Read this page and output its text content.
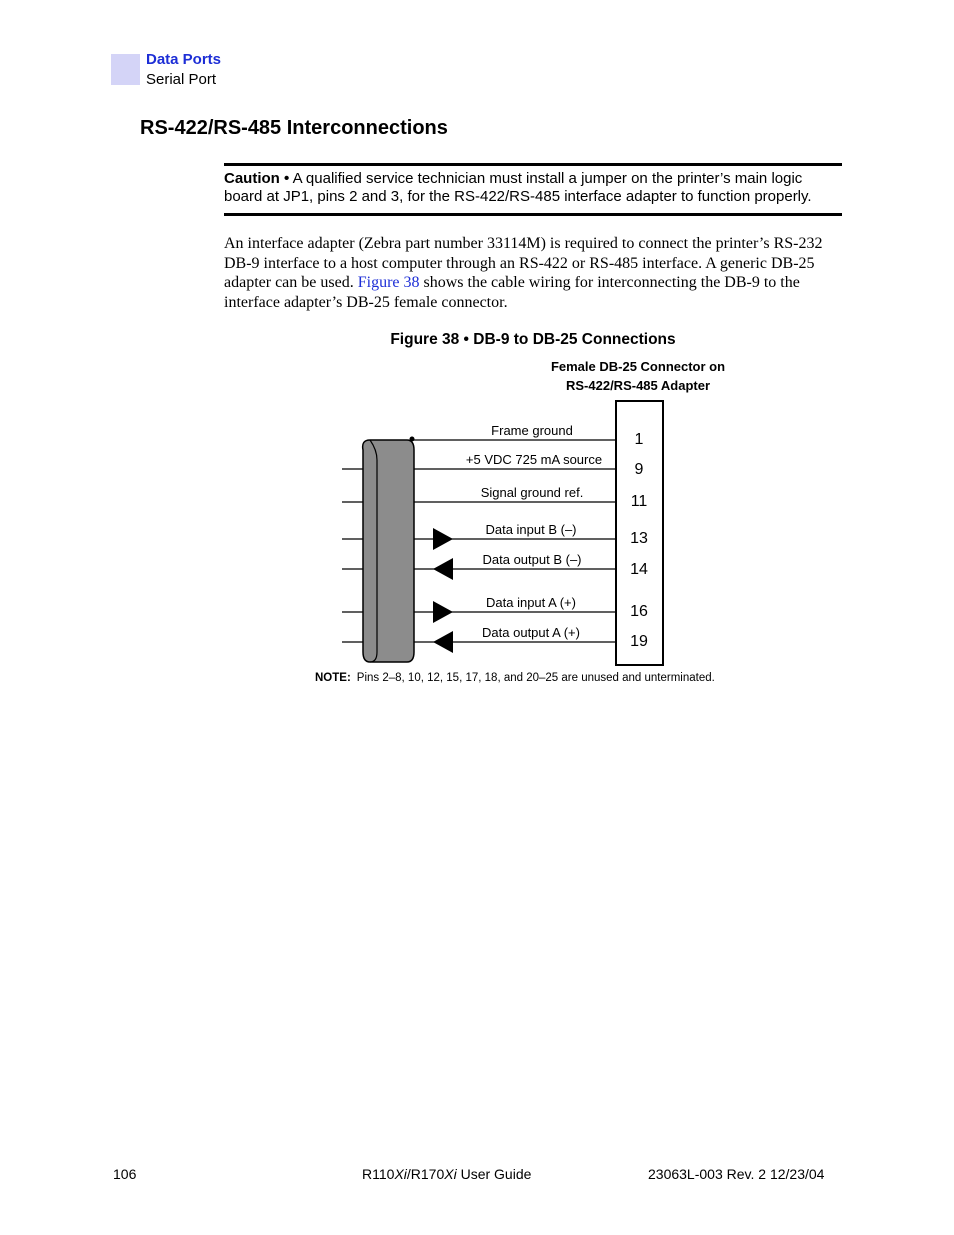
Data Ports
Serial Port
RS-422/RS-485 Interconnections
Caution • A qualified service technician must install a jumper on the printer’s main logic board at JP1, pins 2 and 3, for the RS-422/RS-485 interface adapter to function properly.
An interface adapter (Zebra part number 33114M) is required to connect the printer’s RS-232 DB-9 interface to a host computer through an RS-422 or RS-485 interface. A generic DB-25 adapter can be used. Figure 38 shows the cable wiring for interconnecting the DB-9 to the interface adapter’s DB-25 female connector.
Figure 38 • DB-9 to DB-25 Connections
Female DB-25 Connector on
RS-422/RS-485 Adapter
Frame ground
1
+5 VDC 725 mA source
9
Signal ground ref.
11
Data input B (–)
13
Data output B (–)
14
Data input A (+)
16
Data output A (+)
19
NOTE: Pins 2–8, 10, 12, 15, 17, 18, and 20–25 are unused and unterminated.
106	R110Xi/R170Xi User Guide	23063L-003 Rev. 2 12/23/04
